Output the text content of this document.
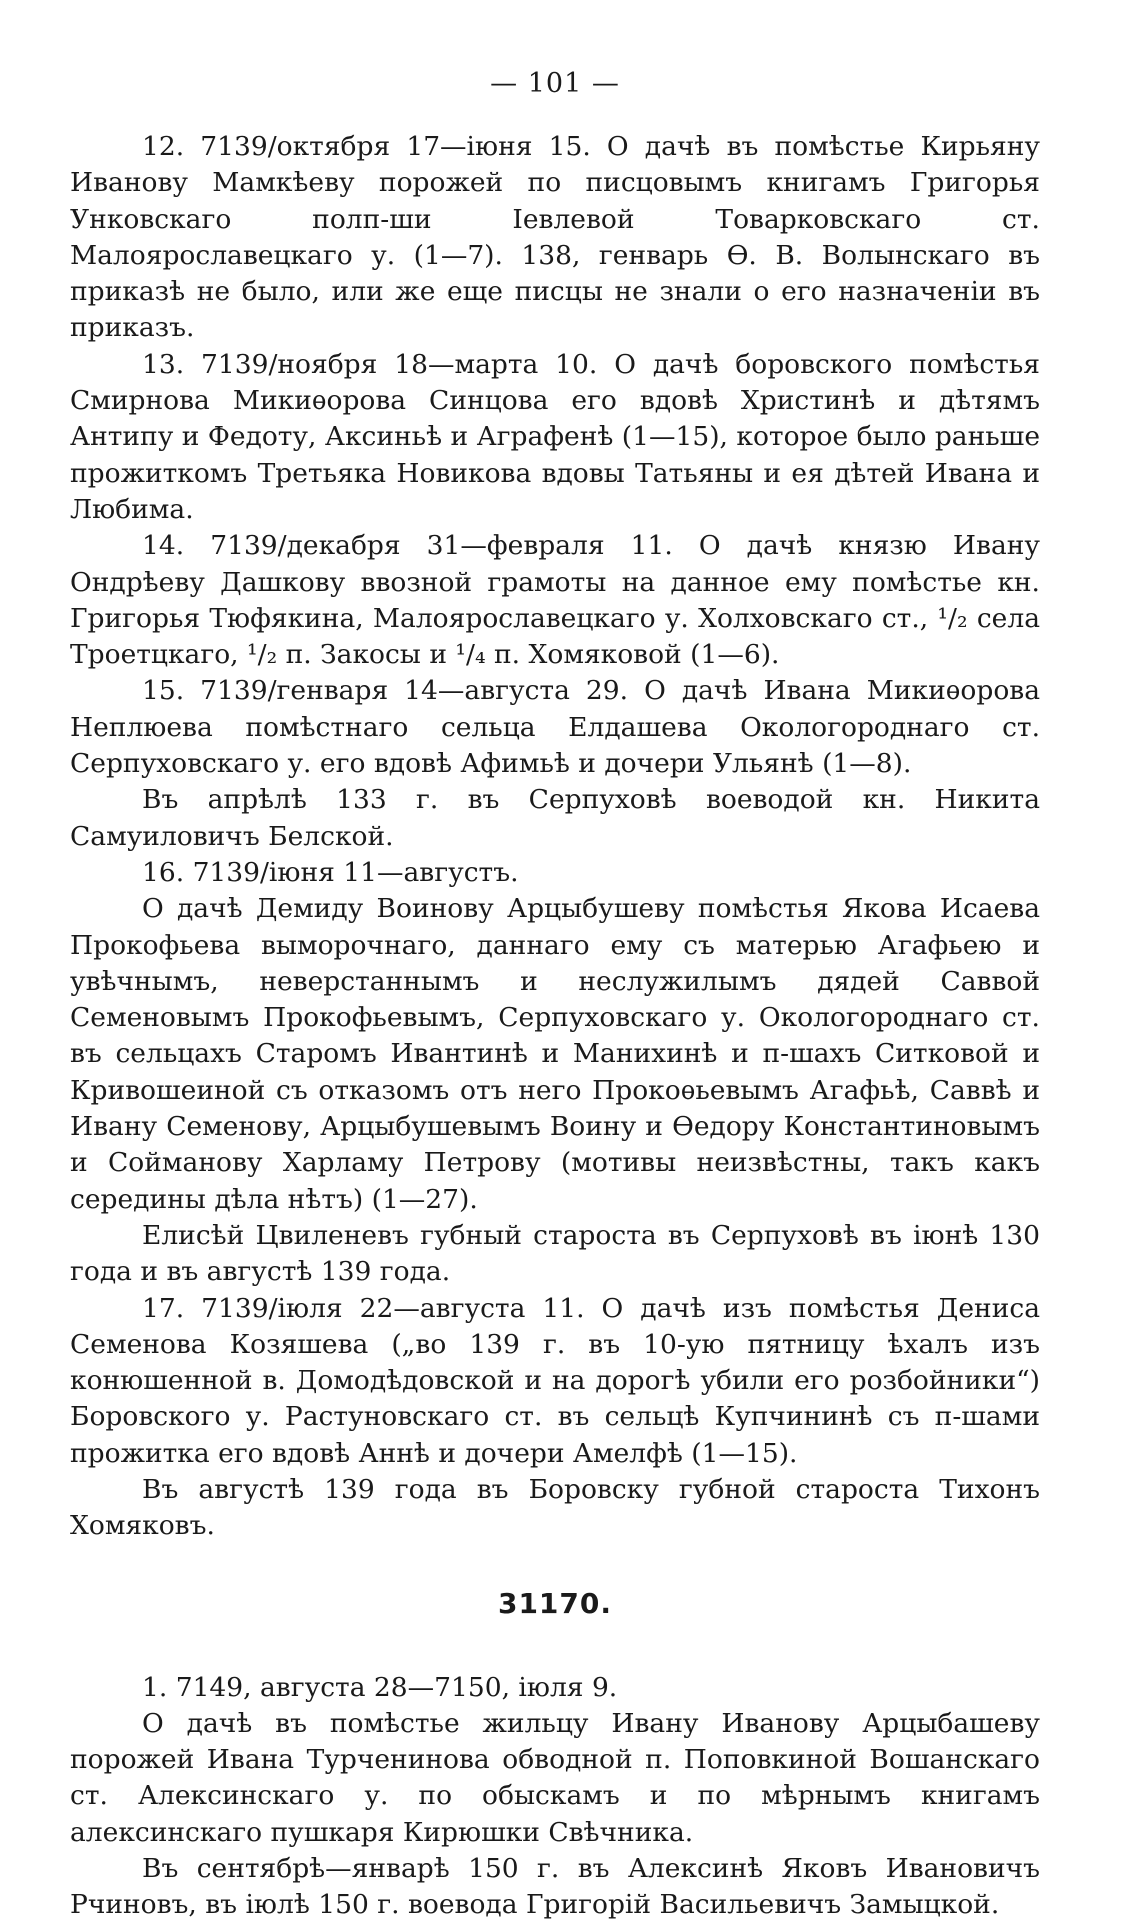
— 101 —

12. 7139/октября 17—іюня 15. О дачѣ въ помѣстье Кирьяну Иванову Мамкѣеву порожей по писцовымъ книгамъ Григорья Унковскаго полп-ши Іевлевой Товарковскаго ст. Малоярославецкаго у. (1—7). 138, генварь Ѳ. В. Волынскаго въ приказѣ не было, или же еще писцы не знали о его назначеніи въ приказъ.

13. 7139/ноября 18—марта 10. О дачѣ боровского помѣстья Смирнова Микиѳорова Синцова его вдовѣ Христинѣ и дѣтямъ Антипу и Федоту, Аксиньѣ и Аграфенѣ (1—15), которое было раньше прожиткомъ Третьяка Новикова вдовы Татьяны и ея дѣтей Ивана и Любима.

14. 7139/декабря 31—февраля 11. О дачѣ князю Ивану Ондрѣеву Дашкову ввозной грамоты на данное ему помѣстье кн. Григорья Тюфякина, Малоярославецкаго у. Холховскаго ст., ¹/₂ села Троетцкаго, ¹/₂ п. Закосы и ¹/₄ п. Хомяковой (1—6).

15. 7139/генваря 14—августа 29. О дачѣ Ивана Микиѳорова Неплюева помѣстнаго сельца Елдашева Окологороднаго ст. Серпуховскаго у. его вдовѣ Афимьѣ и дочери Ульянѣ (1—8).

Въ апрѣлѣ 133 г. въ Серпуховѣ воеводой кн. Никита Самуиловичъ Белской.

16. 7139/іюня 11—августъ.

О дачѣ Демиду Воинову Арцыбушеву помѣстья Якова Исаева Прокофьева выморочнаго, даннаго ему съ матерью Агафьею и увѣчнымъ, неверстаннымъ и неслужилымъ дядей Саввой Семеновымъ Прокофьевымъ, Серпуховскаго у. Окологороднаго ст. въ сельцахъ Старомъ Ивантинѣ и Манихинѣ и п-шахъ Ситковой и Кривошеиной съ отказомъ отъ него Прокоѳьевымъ Агафьѣ, Саввѣ и Ивану Семенову, Арцыбушевымъ Воину и Ѳедору Константиновымъ и Сойманову Харламу Петрову (мотивы неизвѣстны, такъ какъ середины дѣла нѣтъ) (1—27).

Елисѣй Цвиленевъ губный староста въ Серпуховѣ въ іюнѣ 130 года и въ августѣ 139 года.

17. 7139/іюля 22—августа 11. О дачѣ изъ помѣстья Дениса Семенова Козяшева („во 139 г. въ 10-ую пятницу ѣхалъ изъ конюшенной в. Домодѣдовской и на дорогѣ убили его розбойники“) Боровского у. Растуновскаго ст. въ сельцѣ Купчининѣ съ п-шами прожитка его вдовѣ Аннѣ и дочери Амелфѣ (1—15).

Въ августѣ 139 года въ Боровску губной староста Тихонъ Хомяковъ.

31170.

1. 7149, августа 28—7150, іюля 9.

О дачѣ въ помѣстье жильцу Ивану Иванову Арцыбашеву порожей Ивана Турченинова обводной п. Поповкиной Вошанскаго ст. Алексинскаго у. по обыскамъ и по мѣрнымъ книгамъ алексинскаго пушкаря Кирюшки Свѣчника.

Въ сентябрѣ—январѣ 150 г. въ Алексинѣ Яковъ Ивановичъ Рчиновъ, въ іюлѣ 150 г. воевода Григорій Васильевичъ Замыцкой.
